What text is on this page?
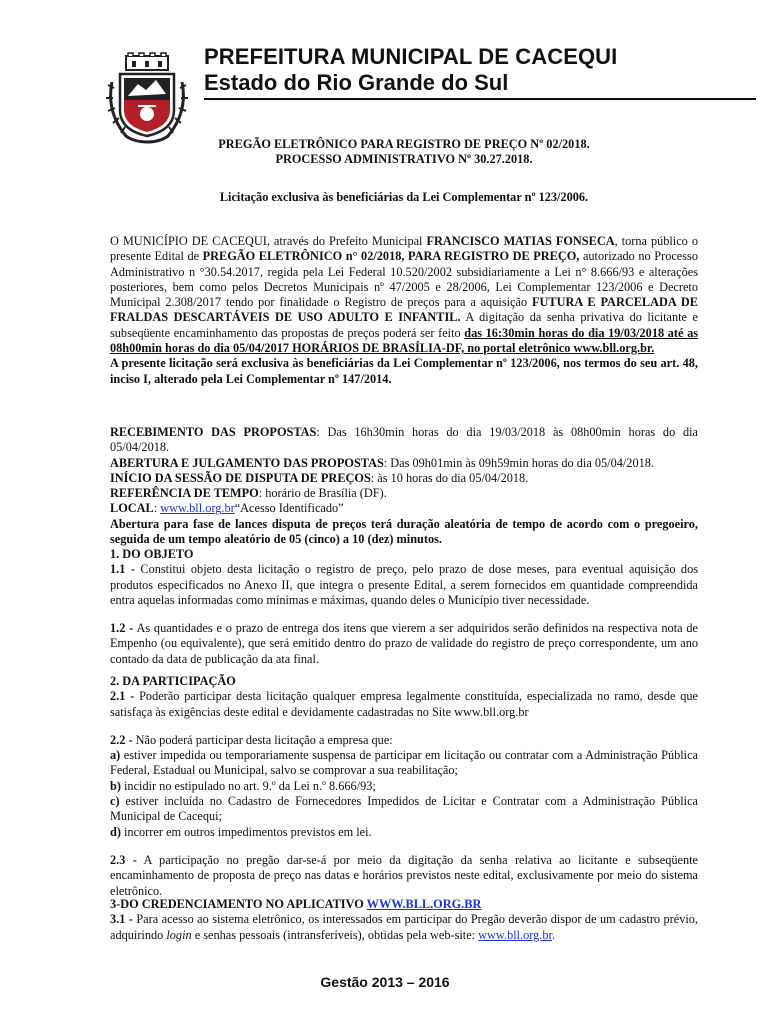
PREFEITURA MUNICIPAL DE CACEQUI
Estado do Rio Grande do Sul

PREGÃO ELETRÔNICO PARA REGISTRO DE PREÇO Nº 02/2018.

PROCESSO ADMINISTRATIVO Nº 30.27.2018.

Licitação exclusiva às beneficiárias da Lei Complementar nº 123/2006.

O MUNICÍPIO DE CACEQUI, através do Prefeito Municipal FRANCISCO MATIAS FONSECA, torna público o presente Edital de PREGÃO ELETRÔNICO n° 02/2018, PARA REGISTRO DE PREÇO, autorizado no Processo Administrativo n °30.54.2017, regida pela Lei Federal 10.520/2002 subsidiariamente a Lei n° 8.666/93 e alterações posteriores, bem como pelos Decretos Municipais nº 47/2005 e 28/2006, Lei Complementar 123/2006 e Decreto Municipal 2.308/2017 tendo por finalidade o Registro de preços para a aquisição FUTURA E PARCELADA DE FRALDAS DESCARTÁVEIS DE USO ADULTO E INFANTIL. A digitação da senha privativa do licitante e subseqüente encaminhamento das propostas de preços poderá ser feito das 16:30min horas do dia 19/03/2018 até as 08h00min horas do dia 05/04/2017 HORÁRIOS DE BRASÍLIA-DF, no portal eletrônico www.bll.org.br.

A presente licitação será exclusiva às beneficiárias da Lei Complementar nº 123/2006, nos termos do seu art. 48, inciso I, alterado pela Lei Complementar nº 147/2014.

RECEBIMENTO DAS PROPOSTAS: Das 16h30min horas do dia 19/03/2018 às 08h00min horas do dia 05/04/2018.

ABERTURA E JULGAMENTO DAS PROPOSTAS: Das 09h01min às 09h59min horas do dia 05/04/2018.

INÍCIO DA SESSÃO DE DISPUTA DE PREÇOS: às 10 horas do dia 05/04/2018.

REFERÊNCIA DE TEMPO: horário de Brasília (DF).

LOCAL: www.bll.org.br“Acesso Identificado”

Abertura para fase de lances disputa de preços terá duração aleatória de tempo de acordo com o pregoeiro, seguida de um tempo aleatório de 05 (cinco) a 10 (dez) minutos.

1. DO OBJETO

1.1 - Constitui objeto desta licitação o registro de preço, pelo prazo de dose meses, para eventual aquisição dos produtos especificados no Anexo II, que integra o presente Edital, a serem fornecidos em quantidade compreendida entra aquelas informadas como mínimas e máximas, quando deles o Município tiver necessidade.

1.2 - As quantidades e o prazo de entrega dos itens que vierem a ser adquiridos serão definidos na respectiva nota de Empenho (ou equivalente), que será emitido dentro do prazo de validade do registro de preço correspondente, um ano contado da data de publicação da ata final.

2. DA PARTICIPAÇÃO

2.1 - Poderão participar desta licitação qualquer empresa legalmente constituída, especializada no ramo, desde que satisfaça às exigências deste edital e devidamente cadastradas no Site www.bll.org.br

2.2 - Não poderá participar desta licitação a empresa que:

a) estiver impedida ou temporariamente suspensa de participar em licitação ou contratar com a Administração Pública Federal, Estadual ou Municipal, salvo se comprovar a sua reabilitação;

b) incidir no estipulado no art. 9.º da Lei n.º 8.666/93;

c) estiver incluída no Cadastro de Fornecedores Impedidos de Licitar e Contratar com a Administração Pública Municipal de Cacequi;

d) incorrer em outros impedimentos previstos em lei.

2.3 - A participação no pregão dar-se-á por meio da digitação da senha relativa ao licitante e subseqüente encaminhamento de proposta de preço nas datas e horários previstos neste edital, exclusivamente por meio do sistema eletrônico.

3-DO CREDENCIAMENTO NO APLICATIVO WWW.BLL.ORG.BR

3.1 - Para acesso ao sistema eletrônico, os interessados em participar do Pregão deverão dispor de um cadastro prévio, adquirindo login e senhas pessoais (intransferíveis), obtidas pela web-site: www.bll.org.br.

Gestão 2013 – 2016
